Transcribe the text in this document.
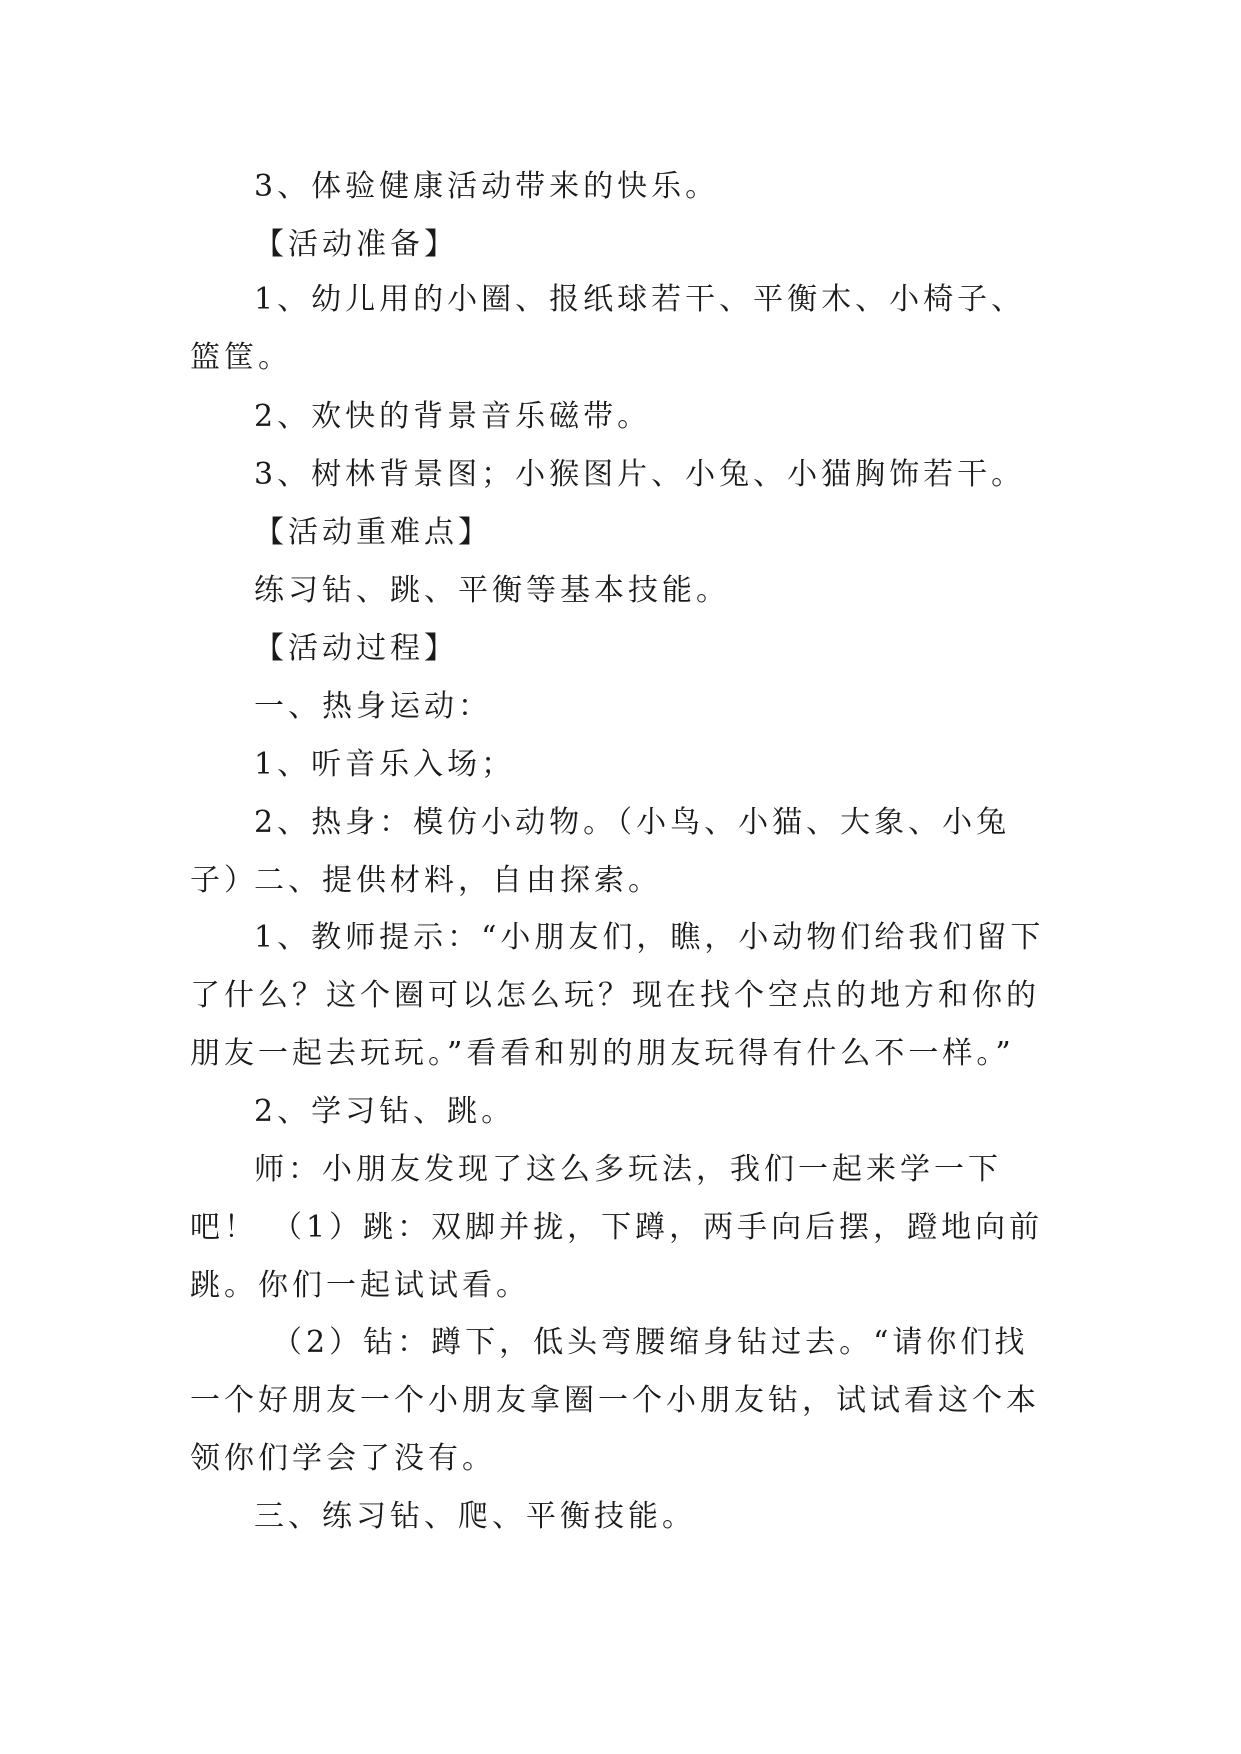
3、体验健康活动带来的快乐。

【活动准备】

1、幼儿用的小圈、报纸球若干、平衡木、小椅子、篮筐。

2、欢快的背景音乐磁带。

3、树林背景图；小猴图片、小兔、小猫胸饰若干。

【活动重难点】

练习钻、跳、平衡等基本技能。

【活动过程】

一、热身运动：

1、听音乐入场；

2、热身：模仿小动物。（小鸟、小猫、大象、小兔子）

二、提供材料，自由探索。

1、教师提示：“小朋友们，瞧，小动物们给我们留下了什么？这个圈可以怎么玩？现在找个空点的地方和你的朋友一起去玩玩。”看看和别的朋友玩得有什么不一样。”

2、学习钻、跳。

师：小朋友发现了这么多玩法，我们一起来学一下吧！ （1）跳：双脚并拢，下蹲，两手向后摆，蹬地向前跳。你们一起试试看。

（2）钻：蹲下，低头弯腰缩身钻过去。“请你们找一个好朋友一个小朋友拿圈一个小朋友钻，试试看这个本领你们学会了没有。

三、练习钻、爬、平衡技能。
